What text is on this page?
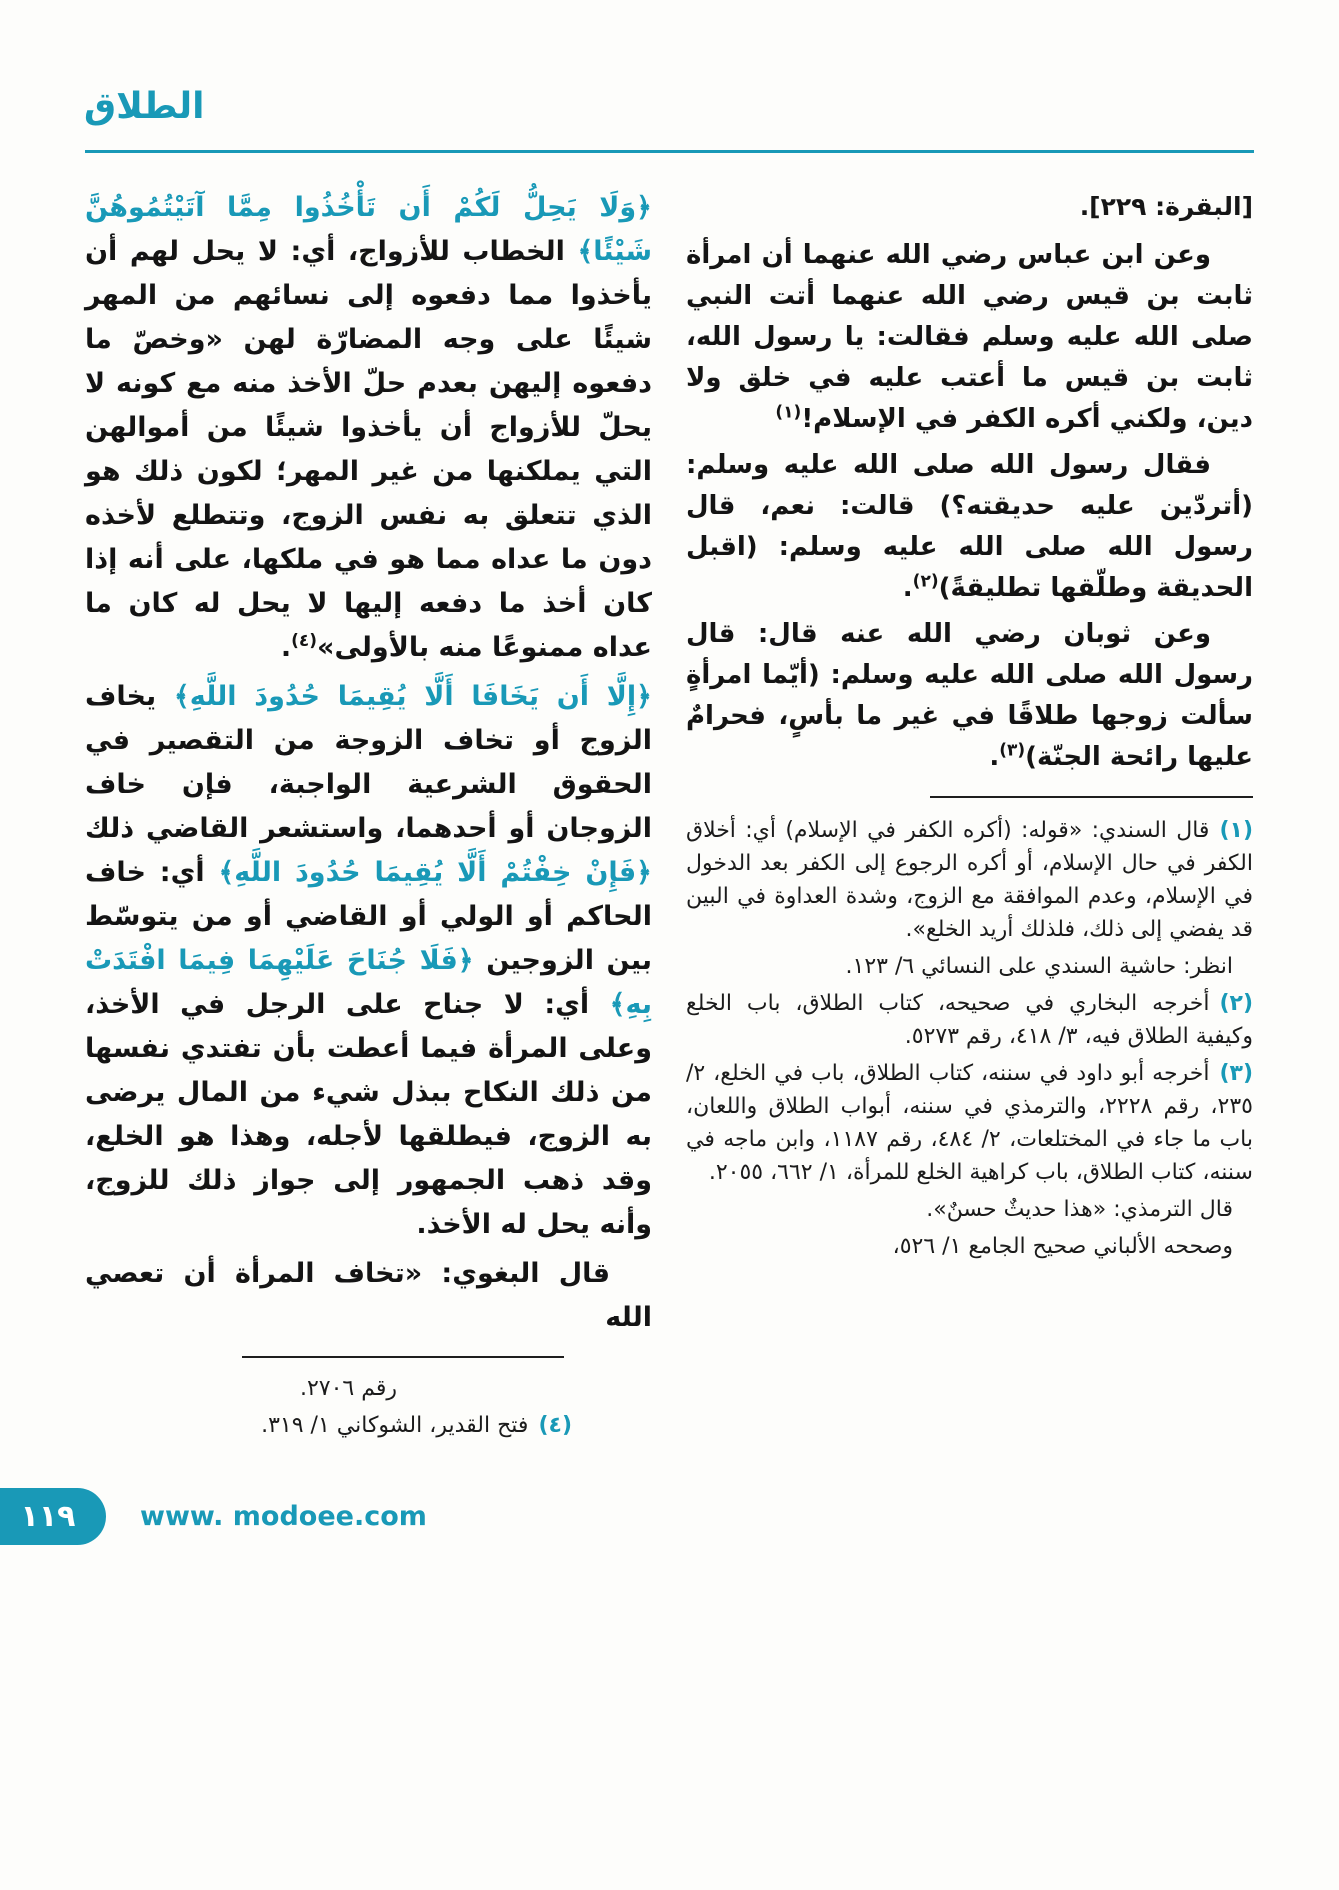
الطلاق

[البقرة: ٢٢٩].

وعن ابن عباس رضي الله عنهما أن امرأة ثابت بن قيس رضي الله عنهما أتت النبي صلى الله عليه وسلم فقالت: يا رسول الله، ثابت بن قيس ما أعتب عليه في خلق ولا دين، ولكني أكره الكفر في الإسلام!$^{(١)}$

فقال رسول الله صلى الله عليه وسلم: (أتردّين عليه حديقته؟) قالت: نعم، قال رسول الله صلى الله عليه وسلم: (اقبل الحديقة وطلّقها تطليقةً)$^{(٢)}$.

وعن ثوبان رضي الله عنه قال: قال رسول الله صلى الله عليه وسلم: (أيّما امرأةٍ سألت زوجها طلاقًا في غير ما بأسٍ، فحرامٌ عليها رائحة الجنّة)$^{(٣)}$.

(١)قال السندي: «قوله: (أكره الكفر في الإسلام) أي: أخلاق الكفر في حال الإسلام، أو أكره الرجوع إلى الكفر بعد الدخول في الإسلام، وعدم الموافقة مع الزوج، وشدة العداوة في البين قد يفضي إلى ذلك، فلذلك أريد الخلع».

انظر: حاشية السندي على النسائي ٦/ ١٢٣.

(٢)أخرجه البخاري في صحيحه، كتاب الطلاق، باب الخلع وكيفية الطلاق فيه، ٣/ ٤١٨، رقم ٥٢٧٣.

(٣)أخرجه أبو داود في سننه، كتاب الطلاق، باب في الخلع، ٢/ ٢٣٥، رقم ٢٢٢٨، والترمذي في سننه، أبواب الطلاق واللعان، باب ما جاء في المختلعات، ٢/ ٤٨٤، رقم ١١٨٧، وابن ماجه في سننه، كتاب الطلاق، باب كراهية الخلع للمرأة، ١/ ٦٦٢، ٢٠٥٥.

قال الترمذي: «هذا حديثٌ حسنٌ».

وصححه الألباني صحيح الجامع ١/ ٥٢٦،

﴿وَلَا يَحِلُّ لَكُمْ أَن تَأْخُذُوا مِمَّا آتَيْتُمُوهُنَّ شَيْئًا﴾ الخطاب للأزواج، أي: لا يحل لهم أن يأخذوا مما دفعوه إلى نسائهم من المهر شيئًا على وجه المضارّة لهن «وخصّ ما دفعوه إليهن بعدم حلّ الأخذ منه مع كونه لا يحلّ للأزواج أن يأخذوا شيئًا من أموالهن التي يملكنها من غير المهر؛ لكون ذلك هو الذي تتعلق به نفس الزوج، وتتطلع لأخذه دون ما عداه مما هو في ملكها، على أنه إذا كان أخذ ما دفعه إليها لا يحل له كان ما عداه ممنوعًا منه بالأولى»$^{(٤)}$.

﴿إِلَّا أَن يَخَافَا أَلَّا يُقِيمَا حُدُودَ اللَّهِ﴾ يخاف الزوج أو تخاف الزوجة من التقصير في الحقوق الشرعية الواجبة، فإن خاف الزوجان أو أحدهما، واستشعر القاضي ذلك ﴿فَإِنْ خِفْتُمْ أَلَّا يُقِيمَا حُدُودَ اللَّهِ﴾ أي: خاف الحاكم أو الولي أو القاضي أو من يتوسّط بين الزوجين ﴿فَلَا جُنَاحَ عَلَيْهِمَا فِيمَا افْتَدَتْ بِهِ﴾ أي: لا جناح على الرجل في الأخذ، وعلى المرأة فيما أعطت بأن تفتدي نفسها من ذلك النكاح ببذل شيء من المال يرضى به الزوج، فيطلقها لأجله، وهذا هو الخلع، وقد ذهب الجمهور إلى جواز ذلك للزوج، وأنه يحل له الأخذ.

قال البغوي: «تخاف المرأة أن تعصي الله

رقم ٢٧٠٦.

(٤)فتح القدير، الشوكاني ١/ ٣١٩.

١١٩ www. modoee.com
